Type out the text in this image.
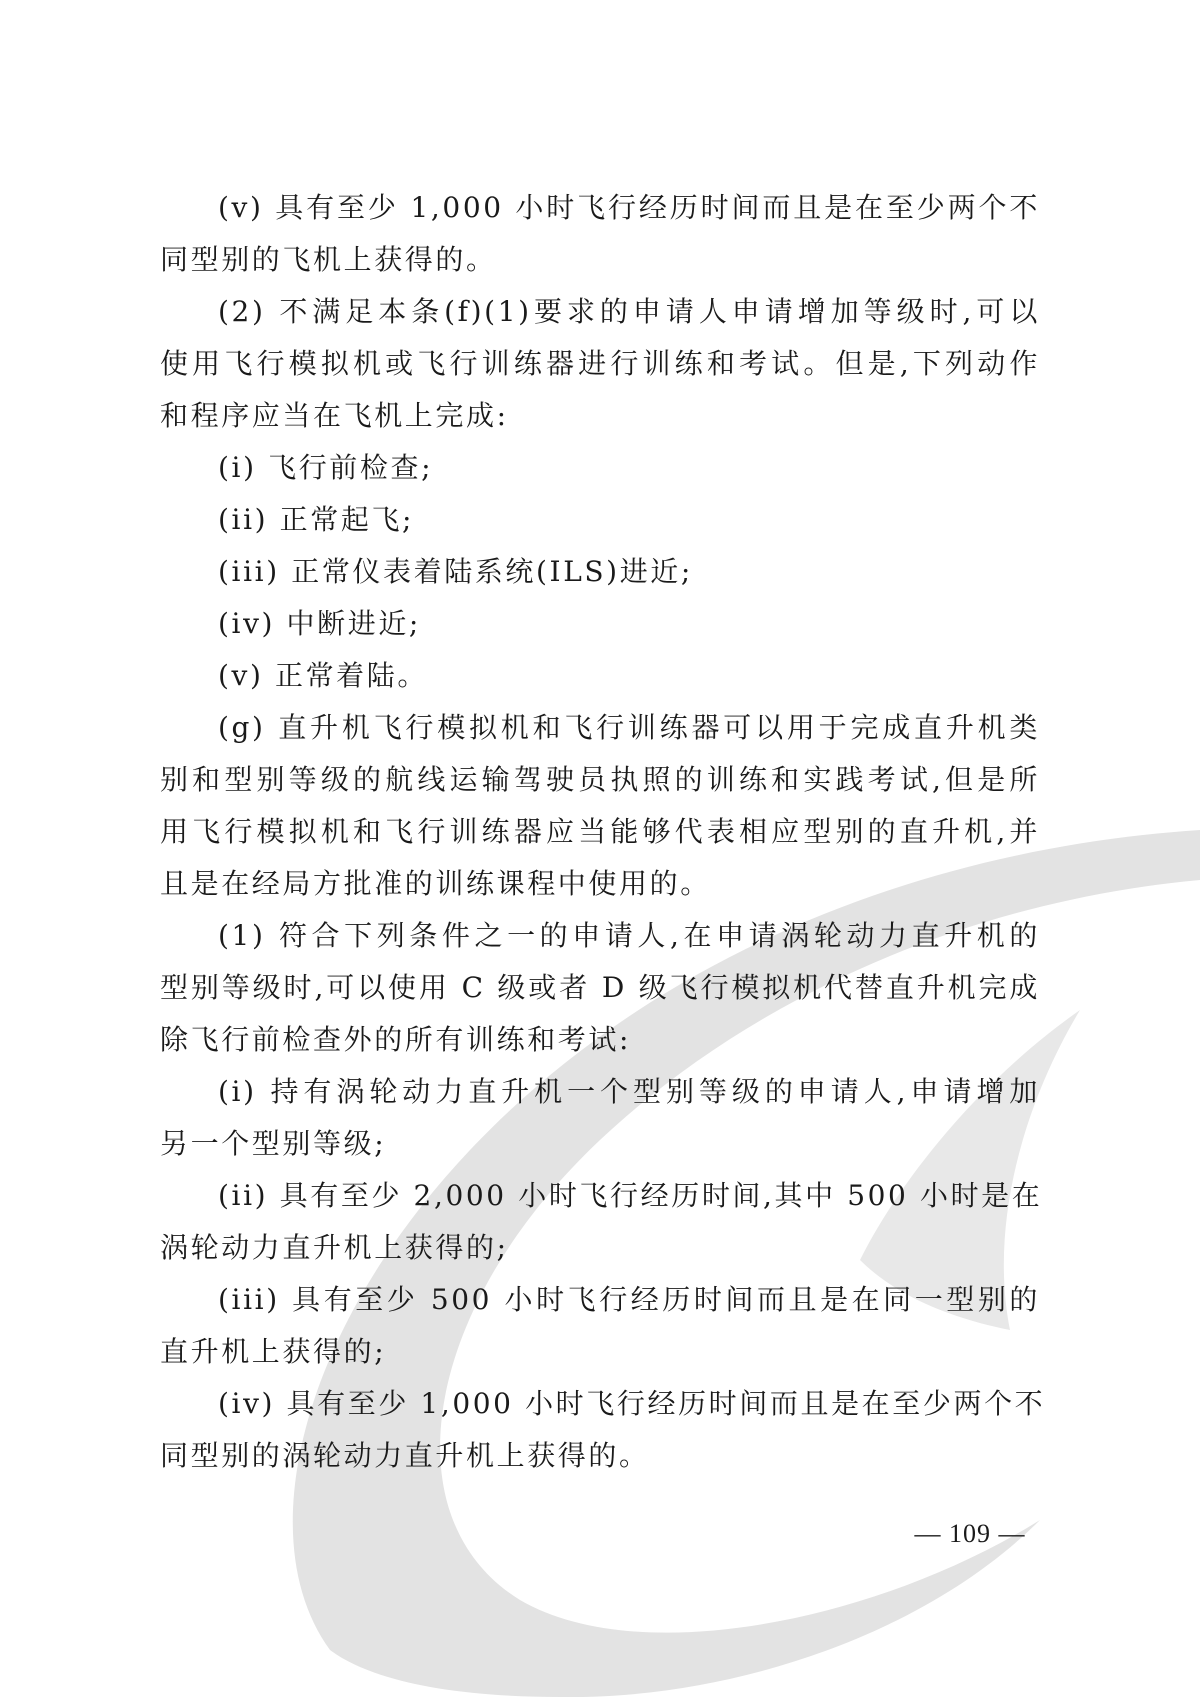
(v) 具有至少 1,000 小时飞行经历时间而且是在至少两个不
同型别的飞机上获得的。
(2) 不满足本条(f)(1)要求的申请人申请增加等级时,可以
使用飞行模拟机或飞行训练器进行训练和考试。但是,下列动作
和程序应当在飞机上完成:
(i) 飞行前检查;
(ii) 正常起飞;
(iii) 正常仪表着陆系统(ILS)进近;
(iv) 中断进近;
(v) 正常着陆。
(g) 直升机飞行模拟机和飞行训练器可以用于完成直升机类
别和型别等级的航线运输驾驶员执照的训练和实践考试,但是所
用飞行模拟机和飞行训练器应当能够代表相应型别的直升机,并
且是在经局方批准的训练课程中使用的。
(1) 符合下列条件之一的申请人,在申请涡轮动力直升机的
型别等级时,可以使用 C 级或者 D 级飞行模拟机代替直升机完成
除飞行前检查外的所有训练和考试:
(i) 持有涡轮动力直升机一个型别等级的申请人,申请增加
另一个型别等级;
(ii) 具有至少 2,000 小时飞行经历时间,其中 500 小时是在
涡轮动力直升机上获得的;
(iii) 具有至少 500 小时飞行经历时间而且是在同一型别的
直升机上获得的;
(iv) 具有至少 1,000 小时飞行经历时间而且是在至少两个不
同型别的涡轮动力直升机上获得的。
— 109 —
